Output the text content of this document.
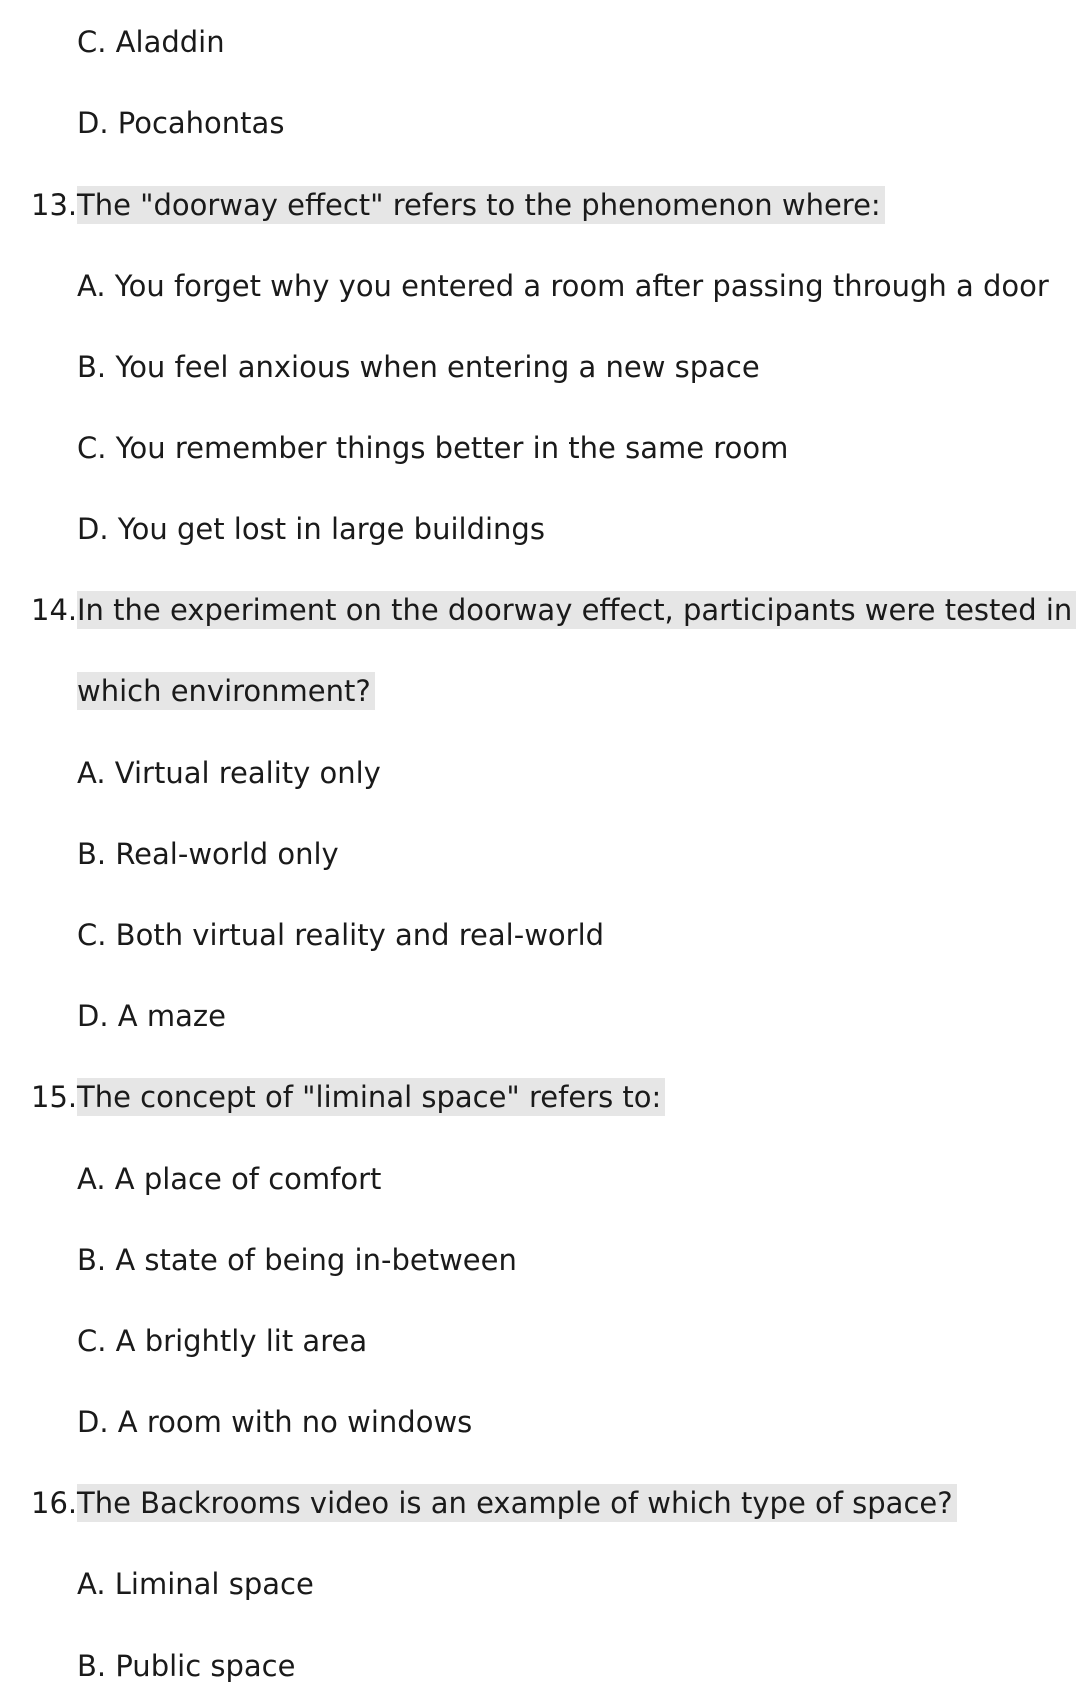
C. Aladdin
D. Pocahontas
13. The "doorway effect" refers to the phenomenon where:
A. You forget why you entered a room after passing through a door
B. You feel anxious when entering a new space
C. You remember things better in the same room
D. You get lost in large buildings
14. In the experiment on the doorway effect, participants were tested in
which environment?
A. Virtual reality only
B. Real-world only
C. Both virtual reality and real-world
D. A maze
15. The concept of "liminal space" refers to:
A. A place of comfort
B. A state of being in-between
C. A brightly lit area
D. A room with no windows
16. The Backrooms video is an example of which type of space?
A. Liminal space
B. Public space
